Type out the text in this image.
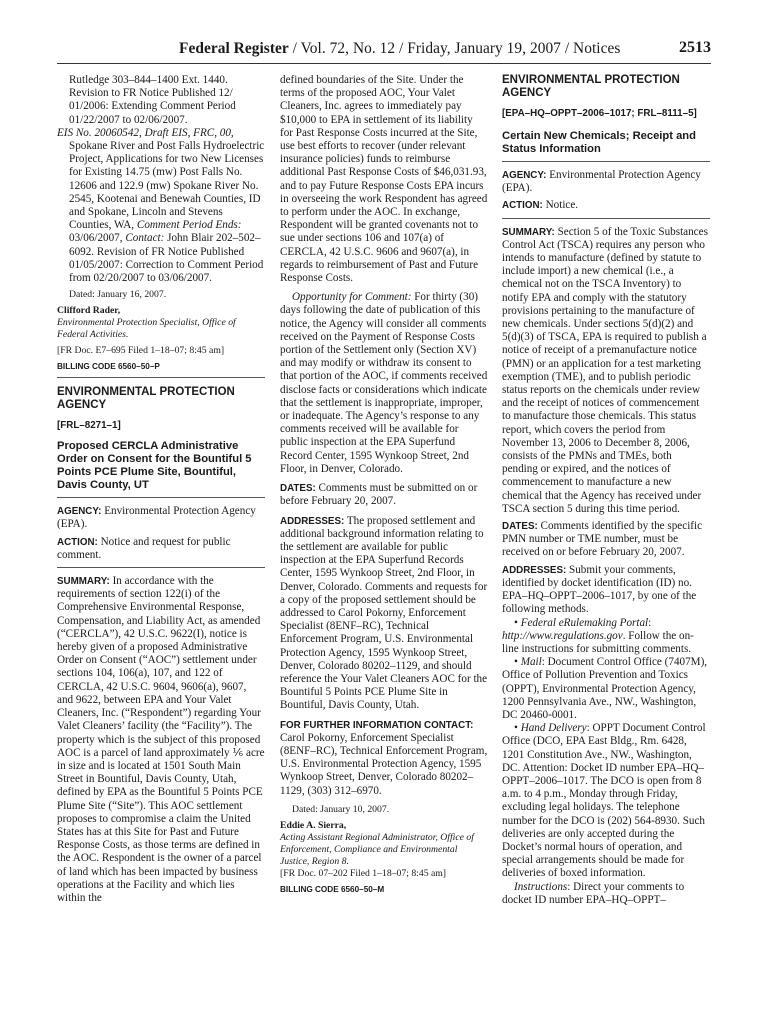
Federal Register / Vol. 72, No. 12 / Friday, January 19, 2007 / Notices	2513

Rutledge 303–844–1400 Ext. 1440. Revision to FR Notice Published 12/ 01/2006: Extending Comment Period 01/22/2007 to 02/06/2007.

EIS No. 20060542, Draft EIS, FRC, 00, Spokane River and Post Falls Hydroelectric Project, Applications for two New Licenses for Existing 14.75 (mw) Post Falls No. 12606 and 122.9 (mw) Spokane River No. 2545, Kootenai and Benewah Counties, ID and Spokane, Lincoln and Stevens Counties, WA, Comment Period Ends: 03/06/2007, Contact: John Blair 202–502–6092. Revision of FR Notice Published 01/05/2007: Correction to Comment Period from 02/20/2007 to 03/06/2007.

Dated: January 16, 2007.

Clifford Rader,

Environmental Protection Specialist, Office of Federal Activities.

[FR Doc. E7–695 Filed 1–18–07; 8:45 am]

BILLING CODE 6560–50–P

ENVIRONMENTAL PROTECTION AGENCY

[FRL–8271–1]

Proposed CERCLA Administrative Order on Consent for the Bountiful 5 Points PCE Plume Site, Bountiful, Davis County, UT

AGENCY: Environmental Protection Agency (EPA).

ACTION: Notice and request for public comment.

SUMMARY: In accordance with the requirements of section 122(i) of the Comprehensive Environmental Response, Compensation, and Liability Act, as amended (“CERCLA”), 42 U.S.C. 9622(I), notice is hereby given of a proposed Administrative Order on Consent (“AOC”) settlement under sections 104, 106(a), 107, and 122 of CERCLA, 42 U.S.C. 9604, 9606(a), 9607, and 9622, between EPA and Your Valet Cleaners, Inc. (“Respondent”) regarding Your Valet Cleaners’ facility (the “Facility”). The property which is the subject of this proposed AOC is a parcel of land approximately ⅙ acre in size and is located at 1501 South Main Street in Bountiful, Davis County, Utah, defined by EPA as the Bountiful 5 Points PCE Plume Site (“Site”). This AOC settlement proposes to compromise a claim the United States has at this Site for Past and Future Response Costs, as those terms are defined in the AOC. Respondent is the owner of a parcel of land which has been impacted by business operations at the Facility and which lies within the

defined boundaries of the Site. Under the terms of the proposed AOC, Your Valet Cleaners, Inc. agrees to immediately pay $10,000 to EPA in settlement of its liability for Past Response Costs incurred at the Site, use best efforts to recover (under relevant insurance policies) funds to reimburse additional Past Response Costs of $46,031.93, and to pay Future Response Costs EPA incurs in overseeing the work Respondent has agreed to perform under the AOC. In exchange, Respondent will be granted covenants not to sue under sections 106 and 107(a) of CERCLA, 42 U.S.C. 9606 and 9607(a), in regards to reimbursement of Past and Future Response Costs.

Opportunity for Comment: For thirty (30) days following the date of publication of this notice, the Agency will consider all comments received on the Payment of Response Costs portion of the Settlement only (Section XV) and may modify or withdraw its consent to that portion of the AOC, if comments received disclose facts or considerations which indicate that the settlement is inappropriate, improper, or inadequate. The Agency’s response to any comments received will be available for public inspection at the EPA Superfund Record Center, 1595 Wynkoop Street, 2nd Floor, in Denver, Colorado.

DATES: Comments must be submitted on or before February 20, 2007.

ADDRESSES: The proposed settlement and additional background information relating to the settlement are available for public inspection at the EPA Superfund Records Center, 1595 Wynkoop Street, 2nd Floor, in Denver, Colorado. Comments and requests for a copy of the proposed settlement should be addressed to Carol Pokorny, Enforcement Specialist (8ENF–RC), Technical Enforcement Program, U.S. Environmental Protection Agency, 1595 Wynkoop Street, Denver, Colorado 80202–1129, and should reference the Your Valet Cleaners AOC for the Bountiful 5 Points PCE Plume Site in Bountiful, Davis County, Utah.

FOR FURTHER INFORMATION CONTACT:

Carol Pokorny, Enforcement Specialist (8ENF–RC), Technical Enforcement Program, U.S. Environmental Protection Agency, 1595 Wynkoop Street, Denver, Colorado 80202–1129, (303) 312–6970.

Dated: January 10, 2007.

Eddie A. Sierra,

Acting Assistant Regional Administrator, Office of Enforcement, Compliance and Environmental Justice, Region 8.

[FR Doc. 07–202 Filed 1–18–07; 8:45 am]

BILLING CODE 6560–50–M

ENVIRONMENTAL PROTECTION AGENCY

[EPA–HQ–OPPT–2006–1017; FRL–8111–5]

Certain New Chemicals; Receipt and Status Information

AGENCY: Environmental Protection Agency (EPA).

ACTION: Notice.

SUMMARY: Section 5 of the Toxic Substances Control Act (TSCA) requires any person who intends to manufacture (defined by statute to include import) a new chemical (i.e., a chemical not on the TSCA Inventory) to notify EPA and comply with the statutory provisions pertaining to the manufacture of new chemicals. Under sections 5(d)(2) and 5(d)(3) of TSCA, EPA is required to publish a notice of receipt of a premanufacture notice (PMN) or an application for a test marketing exemption (TME), and to publish periodic status reports on the chemicals under review and the receipt of notices of commencement to manufacture those chemicals. This status report, which covers the period from November 13, 2006 to December 8, 2006, consists of the PMNs and TMEs, both pending or expired, and the notices of commencement to manufacture a new chemical that the Agency has received under TSCA section 5 during this time period.

DATES: Comments identified by the specific PMN number or TME number, must be received on or before February 20, 2007.

ADDRESSES: Submit your comments, identified by docket identification (ID) no. EPA–HQ–OPPT–2006–1017, by one of the following methods.

• Federal eRulemaking Portal: http://www.regulations.gov. Follow the on-line instructions for submitting comments.

• Mail: Document Control Office (7407M), Office of Pollution Prevention and Toxics (OPPT), Environmental Protection Agency, 1200 Pennsylvania Ave., NW., Washington, DC 20460-0001.

• Hand Delivery: OPPT Document Control Office (DCO, EPA East Bldg., Rm. 6428, 1201 Constitution Ave., NW., Washington, DC. Attention: Docket ID number EPA–HQ–OPPT–2006–1017. The DCO is open from 8 a.m. to 4 p.m., Monday through Friday, excluding legal holidays. The telephone number for the DCO is (202) 564-8930. Such deliveries are only accepted during the Docket’s normal hours of operation, and special arrangements should be made for deliveries of boxed information.

Instructions: Direct your comments to docket ID number EPA–HQ–OPPT–
